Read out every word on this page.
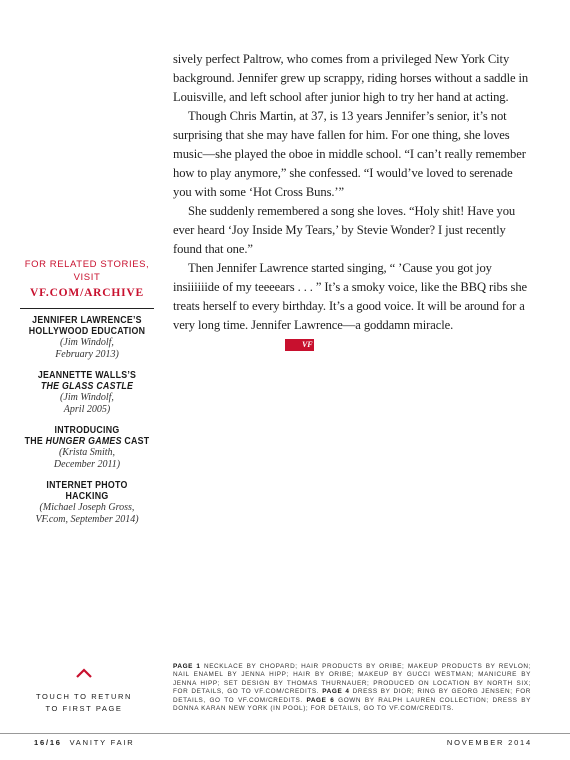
sively perfect Paltrow, who comes from a privileged New York City background. Jennifer grew up scrappy, riding horses without a saddle in Louisville, and left school after junior high to try her hand at acting.

Though Chris Martin, at 37, is 13 years Jennifer’s senior, it’s not surprising that she may have fallen for him. For one thing, she loves music—she played the oboe in middle school. “I can’t really remember how to play anymore,” she confessed. “I would’ve loved to serenade you with some ‘Hot Cross Buns.’”

She suddenly remembered a song she loves. “Holy shit! Have you ever heard ‘Joy Inside My Tears,’ by Stevie Wonder? I just recently found that one.”

Then Jennifer Lawrence started singing, “ ’Cause you got joy insiiiiiide of my teeeears . . . ” It’s a smoky voice, like the BBQ ribs she treats herself to every birthday. It’s a good voice. It will be around for a very long time. Jennifer Lawrence—a goddamn miracle.VF

FOR RELATED STORIES, VISIT
VF.COM/ARCHIVE
JENNIFER LAWRENCE’S
HOLLYWOOD EDUCATION
(Jim Windolf,
February 2013)
JEANNETTE WALLS’S
THE GLASS CASTLE
(Jim Windolf,
April 2005)
INTRODUCING
THE HUNGER GAMES CAST
(Krista Smith,
December 2011)
INTERNET PHOTO HACKING
(Michael Joseph Gross,
VF.com, September 2014)
TOUCH TO RETURN
TO FIRST PAGE
PAGE 1 NECKLACE BY CHOPARD; HAIR PRODUCTS BY ORIBE; MAKEUP PRODUCTS BY REVLON; NAIL ENAMEL BY JENNA HIPP; HAIR BY ORIBE; MAKEUP BY GUCCI WESTMAN; MANICURE BY JENNA HIPP; SET DESIGN BY THOMAS THURNAUER; PRODUCED ON LOCATION BY NORTH SIX; FOR DETAILS, GO TO VF.COM/CREDITS. PAGE 4 DRESS BY DIOR; RING BY GEORG JENSEN; FOR DETAILS, GO TO VF.COM/CREDITS. PAGE 6 GOWN BY RALPH LAUREN COLLECTION; DRESS BY DONNA KARAN NEW YORK (IN POOL); FOR DETAILS, GO TO VF.COM/CREDITS.
16/16 VANITY FAIR	NOVEMBER 2014
